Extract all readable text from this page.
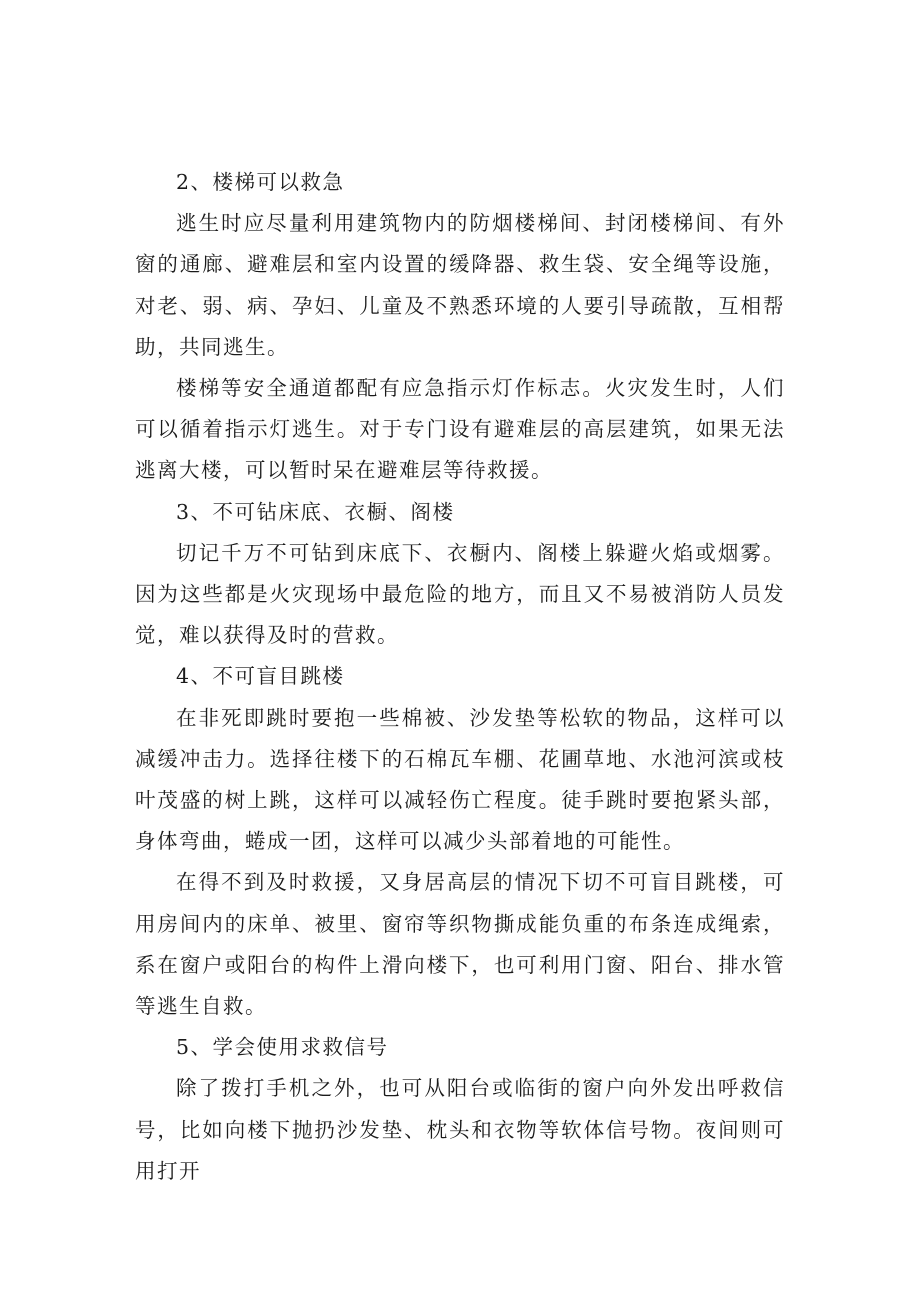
2、楼梯可以救急

逃生时应尽量利用建筑物内的防烟楼梯间、封闭楼梯间、有外窗的通廊、避难层和室内设置的缓降器、救生袋、安全绳等设施，对老、弱、病、孕妇、儿童及不熟悉环境的人要引导疏散，互相帮助，共同逃生。

楼梯等安全通道都配有应急指示灯作标志。火灾发生时，人们可以循着指示灯逃生。对于专门设有避难层的高层建筑，如果无法逃离大楼，可以暂时呆在避难层等待救援。

3、不可钻床底、衣橱、阁楼

切记千万不可钻到床底下、衣橱内、阁楼上躲避火焰或烟雾。因为这些都是火灾现场中最危险的地方，而且又不易被消防人员发觉，难以获得及时的营救。

4、不可盲目跳楼

在非死即跳时要抱一些棉被、沙发垫等松软的物品，这样可以减缓冲击力。选择往楼下的石棉瓦车棚、花圃草地、水池河滨或枝叶茂盛的树上跳，这样可以减轻伤亡程度。徒手跳时要抱紧头部，身体弯曲，蜷成一团，这样可以减少头部着地的可能性。

在得不到及时救援，又身居高层的情况下切不可盲目跳楼，可用房间内的床单、被里、窗帘等织物撕成能负重的布条连成绳索，系在窗户或阳台的构件上滑向楼下，也可利用门窗、阳台、排水管等逃生自救。

5、学会使用求救信号

除了拨打手机之外，也可从阳台或临街的窗户向外发出呼救信号，比如向楼下抛扔沙发垫、枕头和衣物等软体信号物。夜间则可用打开
